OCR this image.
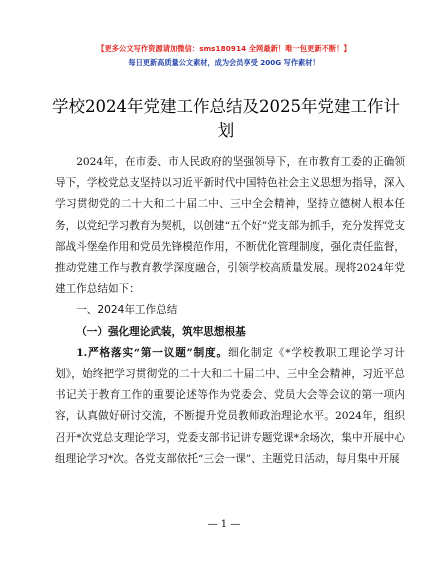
【更多公文写作资源请加微信：sms180914 全网最新！唯一包更新不断！】
每日更新高质量公文素材，成为会员享受 200G 写作素材！
学校2024年党建工作总结及2025年党建工作计划

2024年，在市委、市人民政府的坚强领导下，在市教育工委的正确领导下，学校党总支坚持以习近平新时代中国特色社会主义思想为指导，深入学习贯彻党的二十大和二十届二中、三中全会精神，坚持立德树人根本任务，以党纪学习教育为契机，以创建“五个好”党支部为抓手，充分发挥党支部战斗堡垒作用和党员先锋模范作用，不断优化管理制度，强化责任监督，推动党建工作与教育教学深度融合，引领学校高质量发展。现将2024年党建工作总结如下：

一、2024年工作总结

（一）强化理论武装，筑牢思想根基

1.严格落实“第一议题”制度。细化制定《*学校教职工理论学习计划》，始终把学习贯彻党的二十大和二十届二中、三中全会精神，习近平总书记关于教育工作的重要论述等作为党委会、党员大会等会议的第一项内容，认真做好研讨交流，不断提升党员教师政治理论水平。2024年，组织召开*次党总支理论学习，党委支部书记讲专题党课*余场次，集中开展中心组理论学习*次。各党支部依托“三会一课”、主题党日活动，每月集中开展

— 1 —
